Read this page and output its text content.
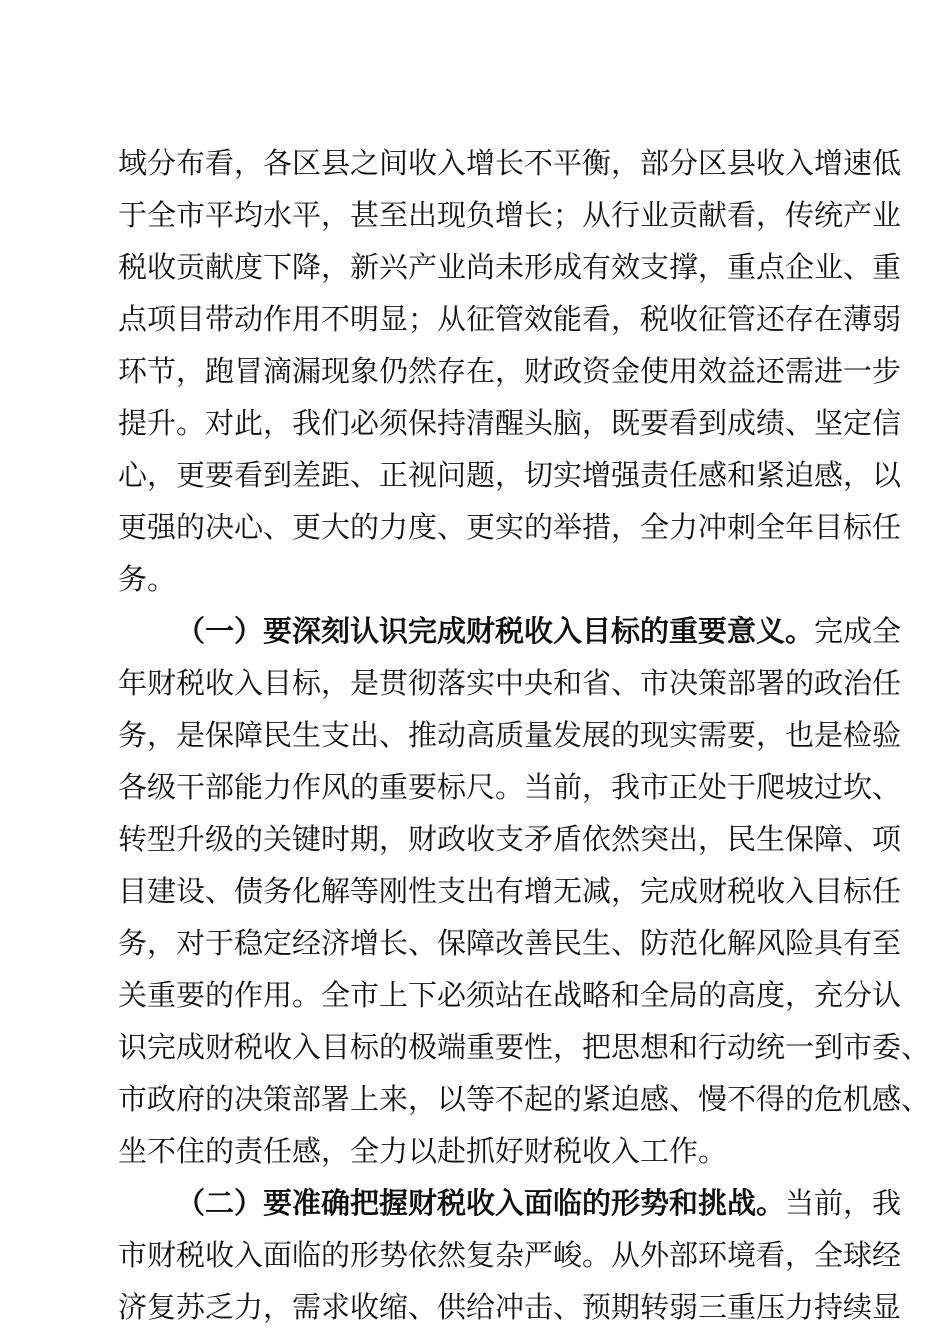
域分布看，各区县之间收入增长不平衡，部分区县收入增速低
于全市平均水平，甚至出现负增长；从行业贡献看，传统产业
税收贡献度下降，新兴产业尚未形成有效支撑，重点企业、重
点项目带动作用不明显；从征管效能看，税收征管还存在薄弱
环节，跑冒滴漏现象仍然存在，财政资金使用效益还需进一步
提升。对此，我们必须保持清醒头脑，既要看到成绩、坚定信
心，更要看到差距、正视问题，切实增强责任感和紧迫感，以
更强的决心、更大的力度、更实的举措，全力冲刺全年目标任
务。
（一）要深刻认识完成财税收入目标的重要意义。完成全
年财税收入目标，是贯彻落实中央和省、市决策部署的政治任
务，是保障民生支出、推动高质量发展的现实需要，也是检验
各级干部能力作风的重要标尺。当前，我市正处于爬坡过坎、
转型升级的关键时期，财政收支矛盾依然突出，民生保障、项
目建设、债务化解等刚性支出有增无减，完成财税收入目标任
务，对于稳定经济增长、保障改善民生、防范化解风险具有至
关重要的作用。全市上下必须站在战略和全局的高度，充分认
识完成财税收入目标的极端重要性，把思想和行动统一到市委、
市政府的决策部署上来，以等不起的紧迫感、慢不得的危机感、
坐不住的责任感，全力以赴抓好财税收入工作。
（二）要准确把握财税收入面临的形势和挑战。当前，我
市财税收入面临的形势依然复杂严峻。从外部环境看，全球经
济复苏乏力，需求收缩、供给冲击、预期转弱三重压力持续显
